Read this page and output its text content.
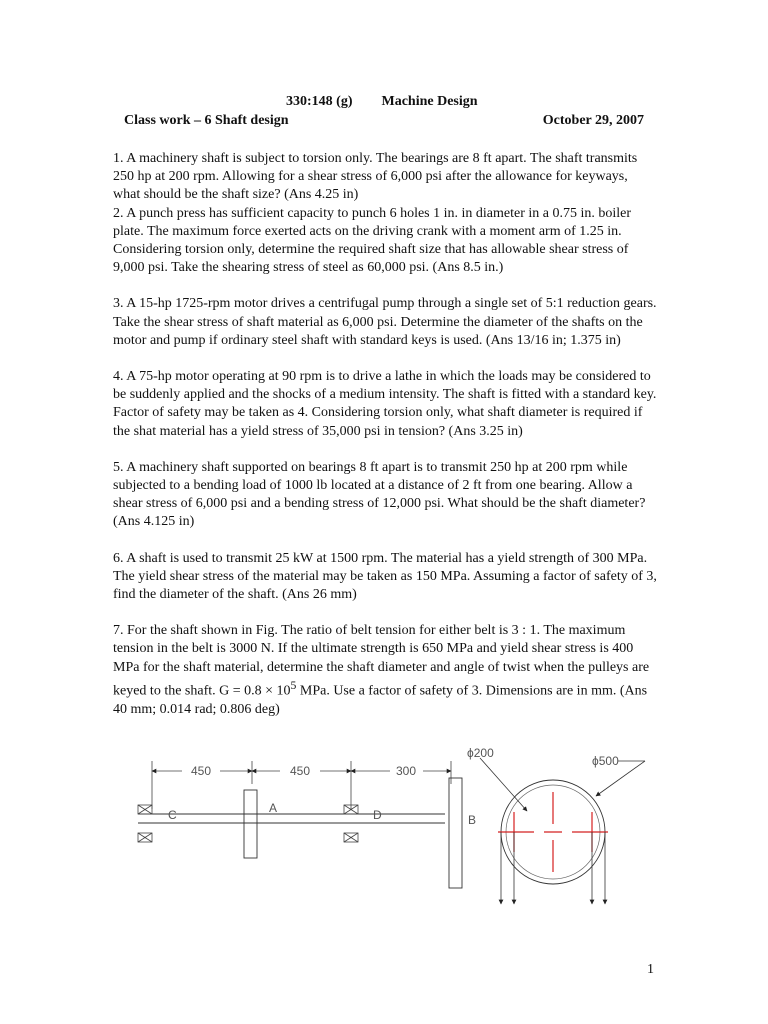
330:148 (g) Machine Design
Class work – 6 Shaft design	October 29, 2007

1. A machinery shaft is subject to torsion only. The bearings are 8 ft apart. The shaft transmits 250 hp at 200 rpm. Allowing for a shear stress of 6,000 psi after the allowance for keyways, what should be the shaft size? (Ans 4.25 in)

2. A punch press has sufficient capacity to punch 6 holes 1 in. in diameter in a 0.75 in. boiler plate. The maximum force exerted acts on the driving crank with a moment arm of 1.25 in. Considering torsion only, determine the required shaft size that has allowable shear stress of 9,000 psi. Take the shearing stress of steel as 60,000 psi. (Ans 8.5 in.)

3. A 15-hp 1725-rpm motor drives a centrifugal pump through a single set of 5:1 reduction gears. Take the shear stress of shaft material as 6,000 psi. Determine the diameter of the shafts on the motor and pump if ordinary steel shaft with standard keys is used. (Ans 13/16 in; 1.375 in)

4. A 75-hp motor operating at 90 rpm is to drive a lathe in which the loads may be considered to be suddenly applied and the shocks of a medium intensity. The shaft is fitted with a standard key. Factor of safety may be taken as 4. Considering torsion only, what shaft diameter is required if the shat material has a yield stress of 35,000 psi in tension? (Ans 3.25 in)

5. A machinery shaft supported on bearings 8 ft apart is to transmit 250 hp at 200 rpm while subjected to a bending load of 1000 lb located at a distance of 2 ft from one bearing. Allow a shear stress of 6,000 psi and a bending stress of 12,000 psi. What should be the shaft diameter? (Ans 4.125 in)

6. A shaft is used to transmit 25 kW at 1500 rpm. The material has a yield strength of 300 MPa. The yield shear stress of the material may be taken as 150 MPa. Assuming a factor of safety of 3, find the diameter of the shaft. (Ans 26 mm)

7. For the shaft shown in Fig. The ratio of belt tension for either belt is 3 : 1. The maximum tension in the belt is 3000 N. If the ultimate strength is 650 MPa and yield shear stress is 400 MPa for the shaft material, determine the shaft diameter and angle of twist when the pulleys are keyed to the shaft. $G = 0.8 \times 10^5$ MPa. Use a factor of safety of 3. Dimensions are in mm. (Ans 40 mm; 0.014 rad; 0.806 deg)

450	450	300
C	A	D	B
ϕ200
ϕ500
1
